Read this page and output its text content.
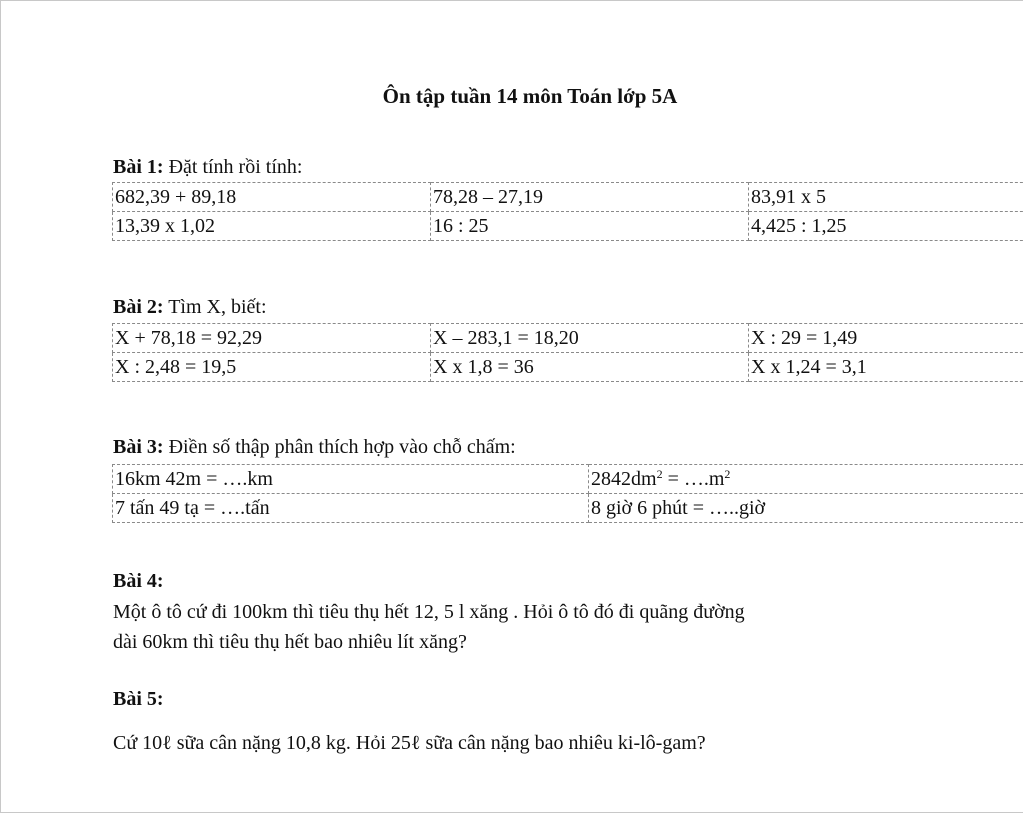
Ôn tập tuần 14 môn Toán lớp 5A
Bài 1: Đặt tính rồi tính:
682,39 + 89,18	78,28 – 27,19	83,91 x 5
13,39 x 1,02	16 : 25	4,425 : 1,25
Bài 2: Tìm X, biết:
X + 78,18 = 92,29	X – 283,1 = 18,20	X : 29 = 1,49
X : 2,48 = 19,5	X x 1,8 = 36	X x 1,24 = 3,1
Bài 3: Điền số thập phân thích hợp vào chỗ chấm:
16km 42m = ….km	$2842dm^2$ = $\dots.m^2$
7 tấn 49 tạ = ….tấn	8 giờ 6 phút = …..giờ
Bài 4:
Một ô tô cứ đi 100km thì tiêu thụ hết 12, 5 l xăng . Hỏi ô tô đó đi quãng đường
dài 60km thì tiêu thụ hết bao nhiêu lít xăng?
Bài 5:
Cứ 10ℓ sữa cân nặng 10,8 kg. Hỏi 25ℓ sữa cân nặng bao nhiêu ki-lô-gam?
